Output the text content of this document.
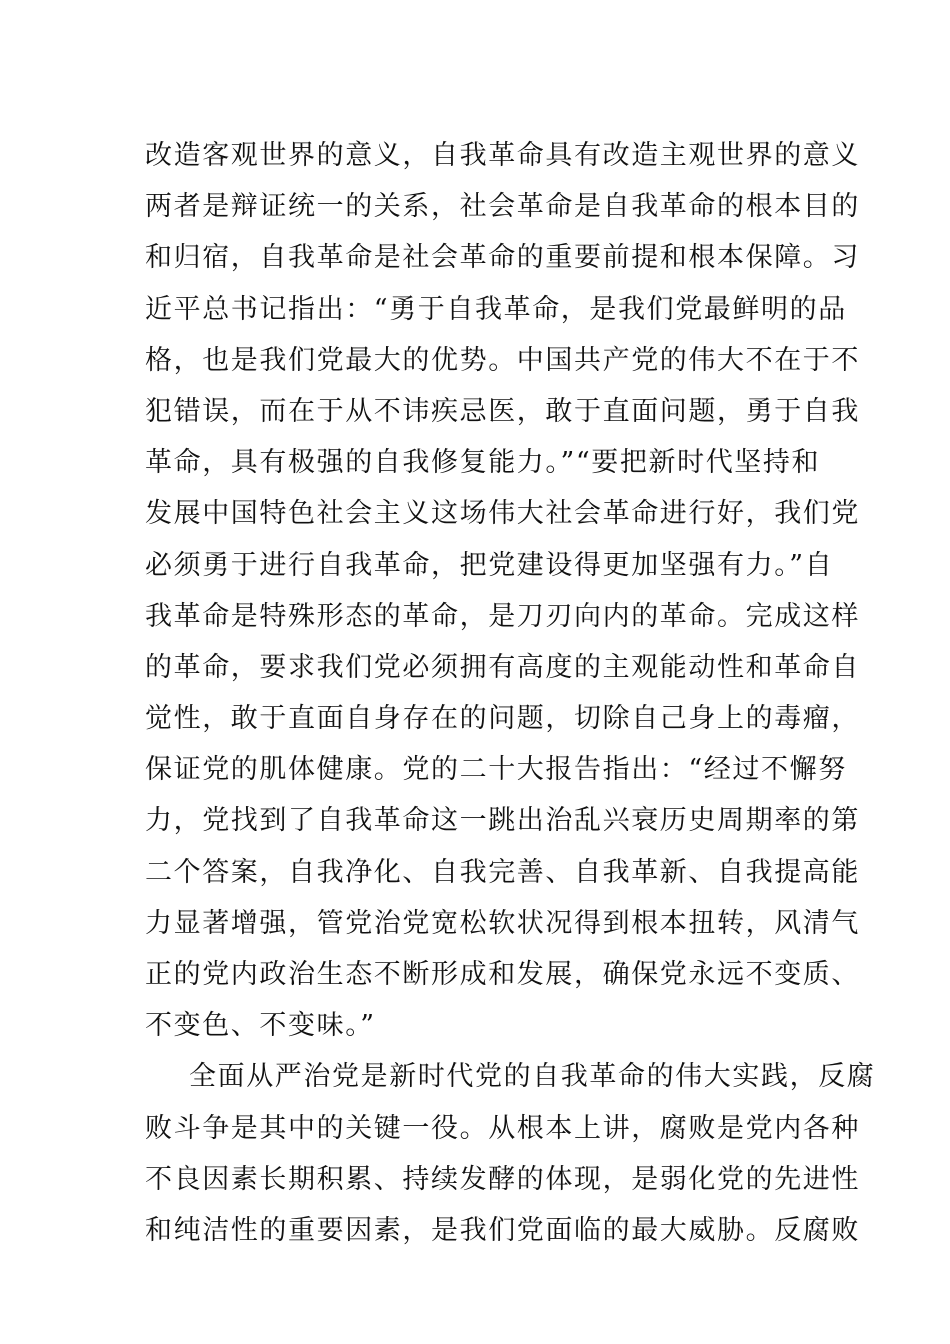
改造客观世界的意义，自我革命具有改造主观世界的意义
两者是辩证统一的关系，社会革命是自我革命的根本目的
和归宿，自我革命是社会革命的重要前提和根本保障。习
近平总书记指出：“勇于自我革命，是我们党最鲜明的品
格，也是我们党最大的优势。中国共产党的伟大不在于不
犯错误，而在于从不讳疾忌医，敢于直面问题，勇于自我
革命，具有极强的自我修复能力。”“要把新时代坚持和
发展中国特色社会主义这场伟大社会革命进行好，我们党
必须勇于进行自我革命，把党建设得更加坚强有力。”自
我革命是特殊形态的革命，是刀刃向内的革命。完成这样
的革命，要求我们党必须拥有高度的主观能动性和革命自
觉性，敢于直面自身存在的问题，切除自己身上的毒瘤，
保证党的肌体健康。党的二十大报告指出：“经过不懈努
力，党找到了自我革命这一跳出治乱兴衰历史周期率的第
二个答案，自我净化、自我完善、自我革新、自我提高能
力显著增强，管党治党宽松软状况得到根本扭转，风清气
正的党内政治生态不断形成和发展，确保党永远不变质、
不变色、不变味。”
全面从严治党是新时代党的自我革命的伟大实践，反腐
败斗争是其中的关键一役。从根本上讲，腐败是党内各种
不良因素长期积累、持续发酵的体现，是弱化党的先进性
和纯洁性的重要因素，是我们党面临的最大威胁。反腐败
